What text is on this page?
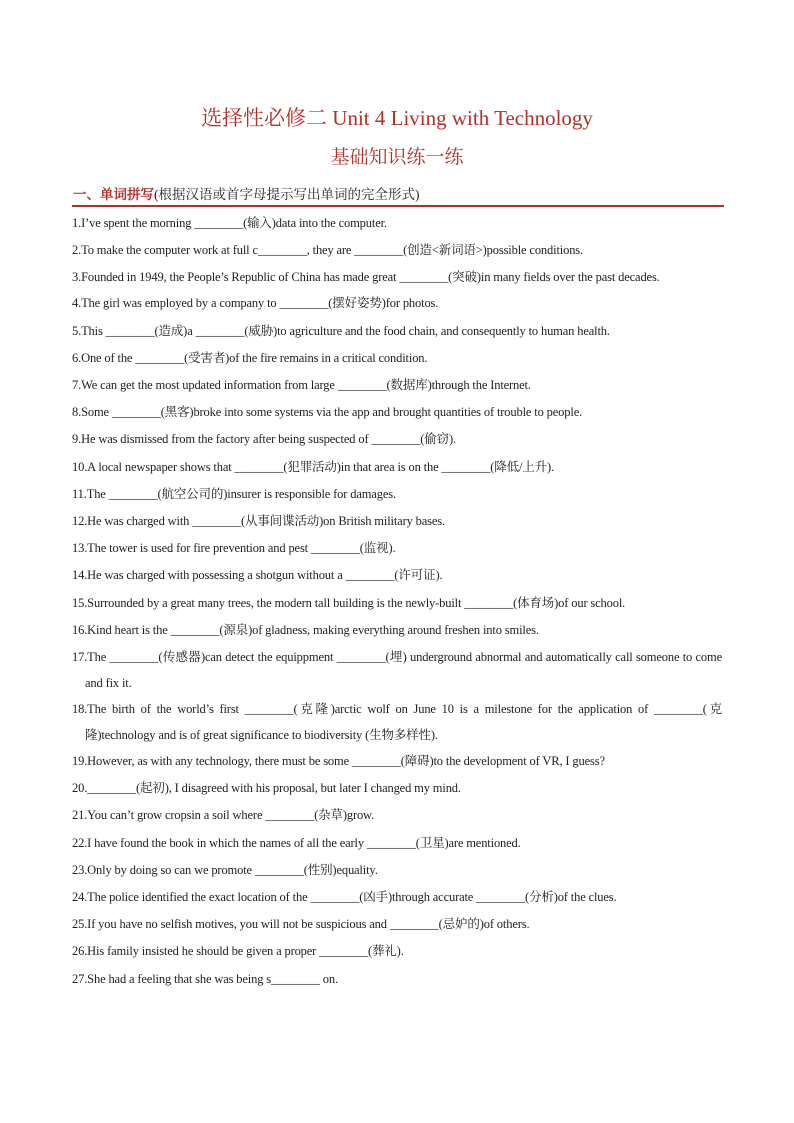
选择性必修二 Unit 4 Living with Technology
基础知识练一练
一、单词拼写(根据汉语或首字母提示写出单词的完全形式)
1.I’ve spent the morning ________(输入)data into the computer.
2.To make the computer work at full c________, they are ________(创造<新词语>)possible conditions.
3.Founded in 1949, the People’s Republic of China has made great ________(突破)in many fields over the past decades.
4.The girl was employed by a company to ________(摆好姿势)for photos.
5.This ________(造成)a ________(威胁)to agriculture and the food chain, and consequently to human health.
6.One of the ________(受害者)of the fire remains in a critical condition.
7.We can get the most updated information from large ________(数据库)through the Internet.
8.Some ________(黑客)broke into some systems via the app and brought quantities of trouble to people.
9.He was dismissed from the factory after being suspected of ________(偷窃).
10.A local newspaper shows that ________(犯罪活动)in that area is on the ________(降低/上升).
11.The ________(航空公司的)insurer is responsible for damages.
12.He was charged with ________(从事间谍活动)on British military bases.
13.The tower is used for fire prevention and pest ________(监视).
14.He was charged with possessing a shotgun without a ________(许可证).
15.Surrounded by a great many trees, the modern tall building is the newly-built ________(体育场)of our school.
16.Kind heart is the ________(源泉)of gladness, making everything around freshen into smiles.
17.The ________(传感器)can detect the equippment ________(埋) underground abnormal and automatically call someone to come and fix it.
18.The birth of the world’s first ________(克隆)arctic wolf on June 10 is a milestone for the application of ________(克隆)technology and is of great significance to biodiversity (生物多样性).
19.However, as with any technology, there must be some ________(障碍)to the development of VR, I guess?
20.________(起初), I disagreed with his proposal, but later I changed my mind.
21.You can’t grow cropsin a soil where ________(杂草)grow.
22.I have found the book in which the names of all the early ________(卫星)are mentioned.
23.Only by doing so can we promote ________(性别)equality.
24.The police identified the exact location of the ________(凶手)through accurate ________(分析)of the clues.
25.If you have no selfish motives, you will not be suspicious and ________(忌妒的)of others.
26.His family insisted he should be given a proper ________(葬礼).
27.She had a feeling that she was being s________ on.
